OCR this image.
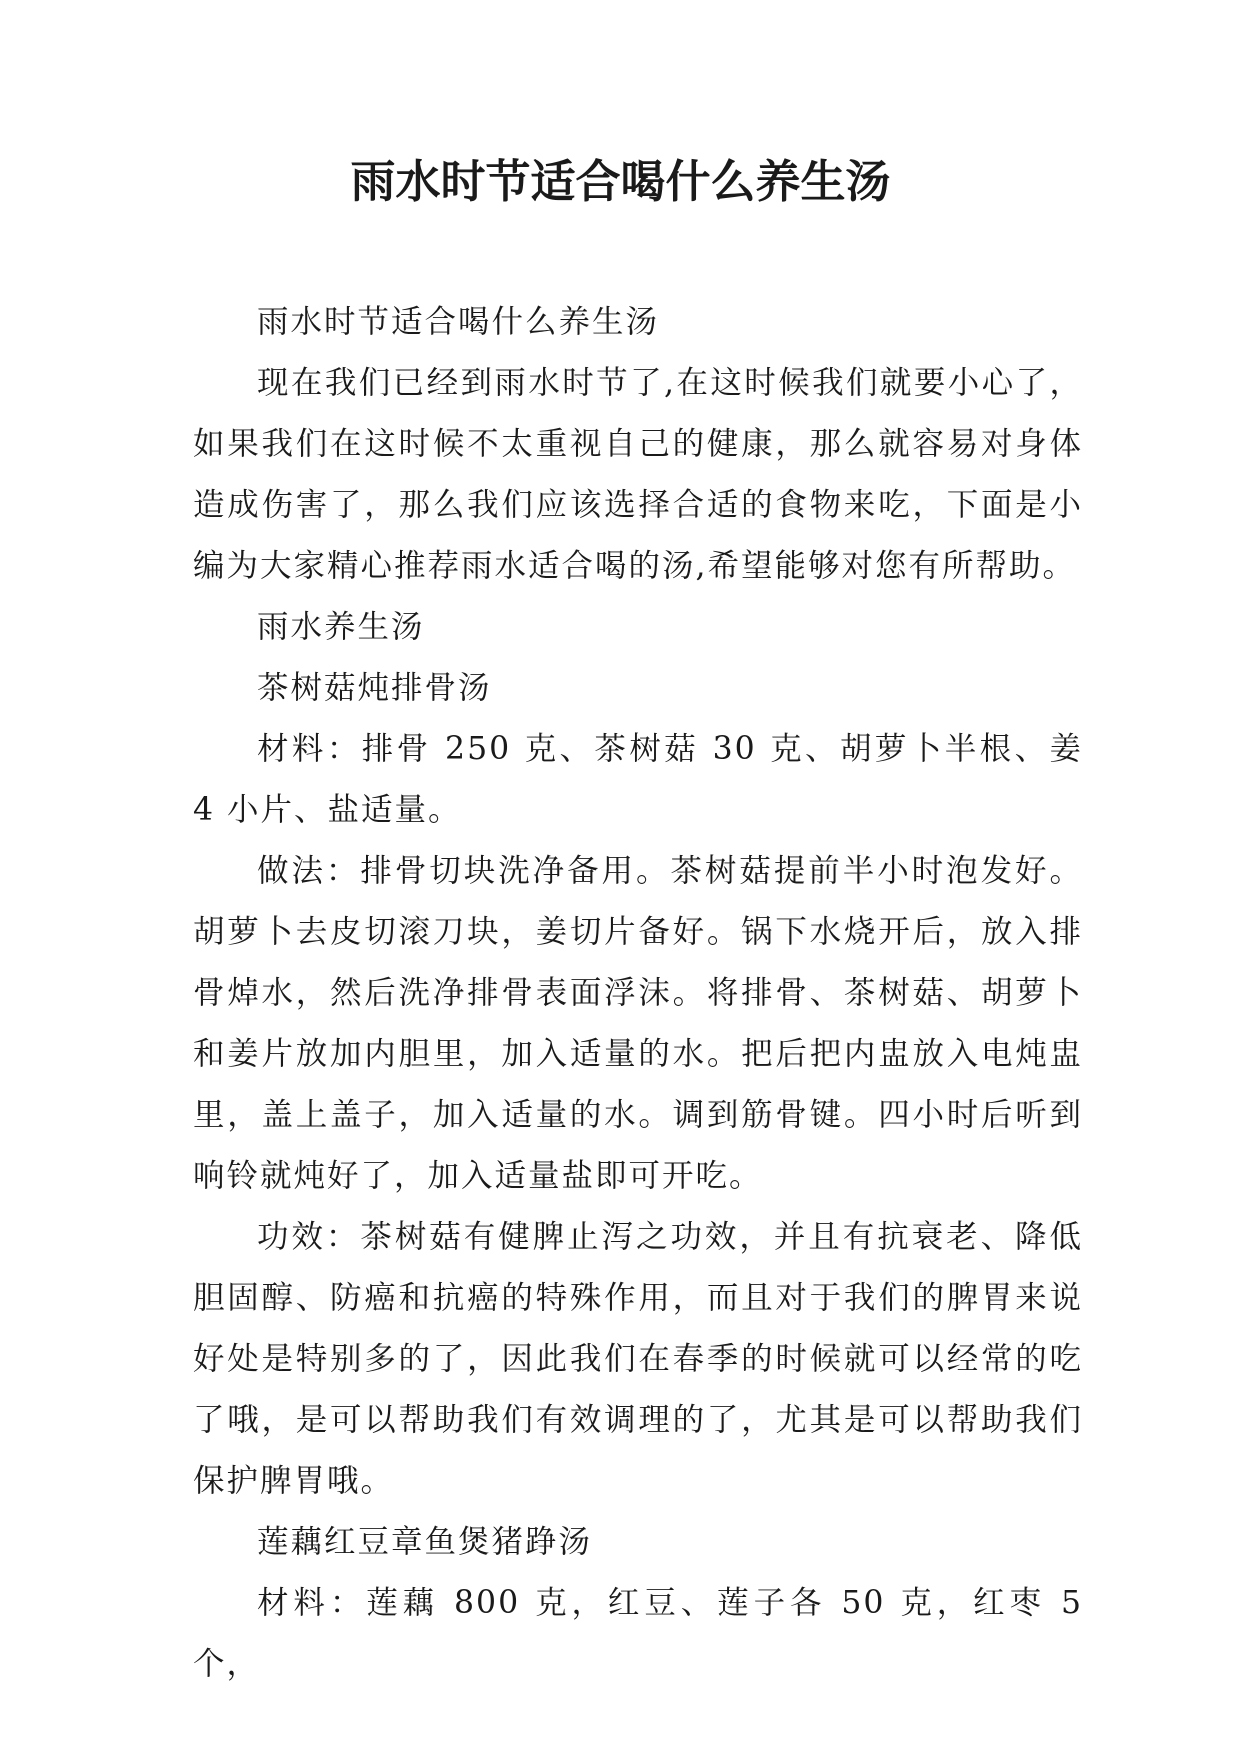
雨水时节适合喝什么养生汤

雨水时节适合喝什么养生汤

现在我们已经到雨水时节了,在这时候我们就要小心了，如果我们在这时候不太重视自己的健康，那么就容易对身体造成伤害了，那么我们应该选择合适的食物来吃，下面是小编为大家精心推荐雨水适合喝的汤,希望能够对您有所帮助。

雨水养生汤

茶树菇炖排骨汤

材料：排骨 250 克、茶树菇 30 克、胡萝卜半根、姜 4 小片、盐适量。

做法：排骨切块洗净备用。茶树菇提前半小时泡发好。胡萝卜去皮切滚刀块，姜切片备好。锅下水烧开后，放入排骨焯水，然后洗净排骨表面浮沫。将排骨、茶树菇、胡萝卜和姜片放加内胆里，加入适量的水。把后把内盅放入电炖盅里，盖上盖子，加入适量的水。调到筋骨键。四小时后听到响铃就炖好了，加入适量盐即可开吃。

功效：茶树菇有健脾止泻之功效，并且有抗衰老、降低胆固醇、防癌和抗癌的特殊作用，而且对于我们的脾胃来说好处是特别多的了，因此我们在春季的时候就可以经常的吃了哦，是可以帮助我们有效调理的了，尤其是可以帮助我们保护脾胃哦。

莲藕红豆章鱼煲猪踭汤

材料：莲藕 800 克，红豆、莲子各 50 克，红枣 5 个，
